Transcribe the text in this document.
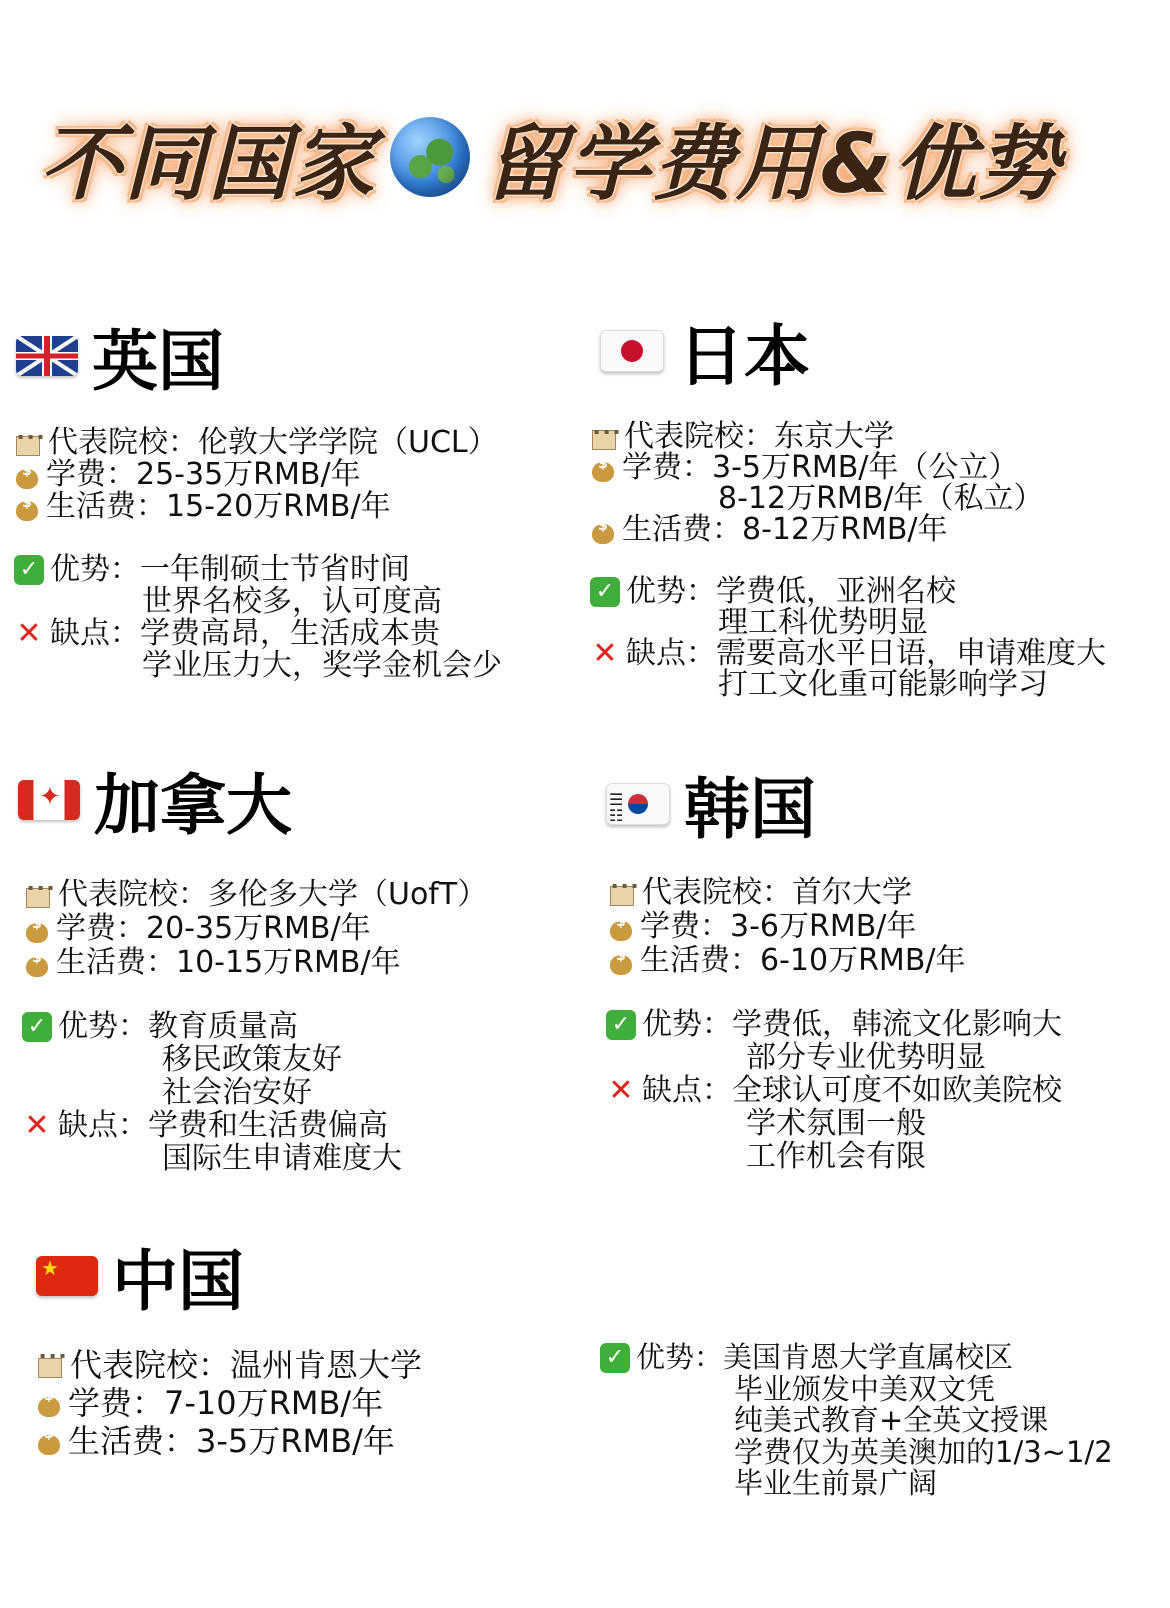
不同国家 留学费用&优势
英国
▪ ▪ ▪
代表院校：伦敦大学学院（UCL）
$
学费：25-35万RMB/年
$
生活费：15-20万RMB/年
✓ 优势： 一年制硕士节省时间
世界名校多，认可度高
✕ 缺点： 学费高昂，生活成本贵
学业压力大，奖学金机会少
日本
▪ ▪ ▪
代表院校：东京大学
$
学费：3-5万RMB/年（公立）
8-12万RMB/年（私立）
$
生活费：8-12万RMB/年
✓ 优势： 学费低，亚洲名校
理工科优势明显
✕ 缺点： 需要高水平日语，申请难度大
打工文化重可能影响学习
✦
加拿大
▪ ▪ ▪
代表院校：多伦多大学（UofT）
$
学费：20-35万RMB/年
$
生活费：10-15万RMB/年
✓ 优势： 教育质量高
移民政策友好
社会治安好
✕ 缺点： 学费和生活费偏高
国际生申请难度大
☰ ☷
韩国
▪ ▪ ▪
代表院校：首尔大学
$
学费：3-6万RMB/年
$
生活费：6-10万RMB/年
✓ 优势： 学费低，韩流文化影响大
部分专业优势明显
✕ 缺点： 全球认可度不如欧美院校
学术氛围一般
工作机会有限
★
中国
▪ ▪ ▪
代表院校：温州肯恩大学
$
学费：7-10万RMB/年
$
生活费：3-5万RMB/年
✓ 优势： 美国肯恩大学直属校区
毕业颁发中美双文凭
纯美式教育+全英文授课
学费仅为英美澳加的1/3~1/2
毕业生前景广阔
